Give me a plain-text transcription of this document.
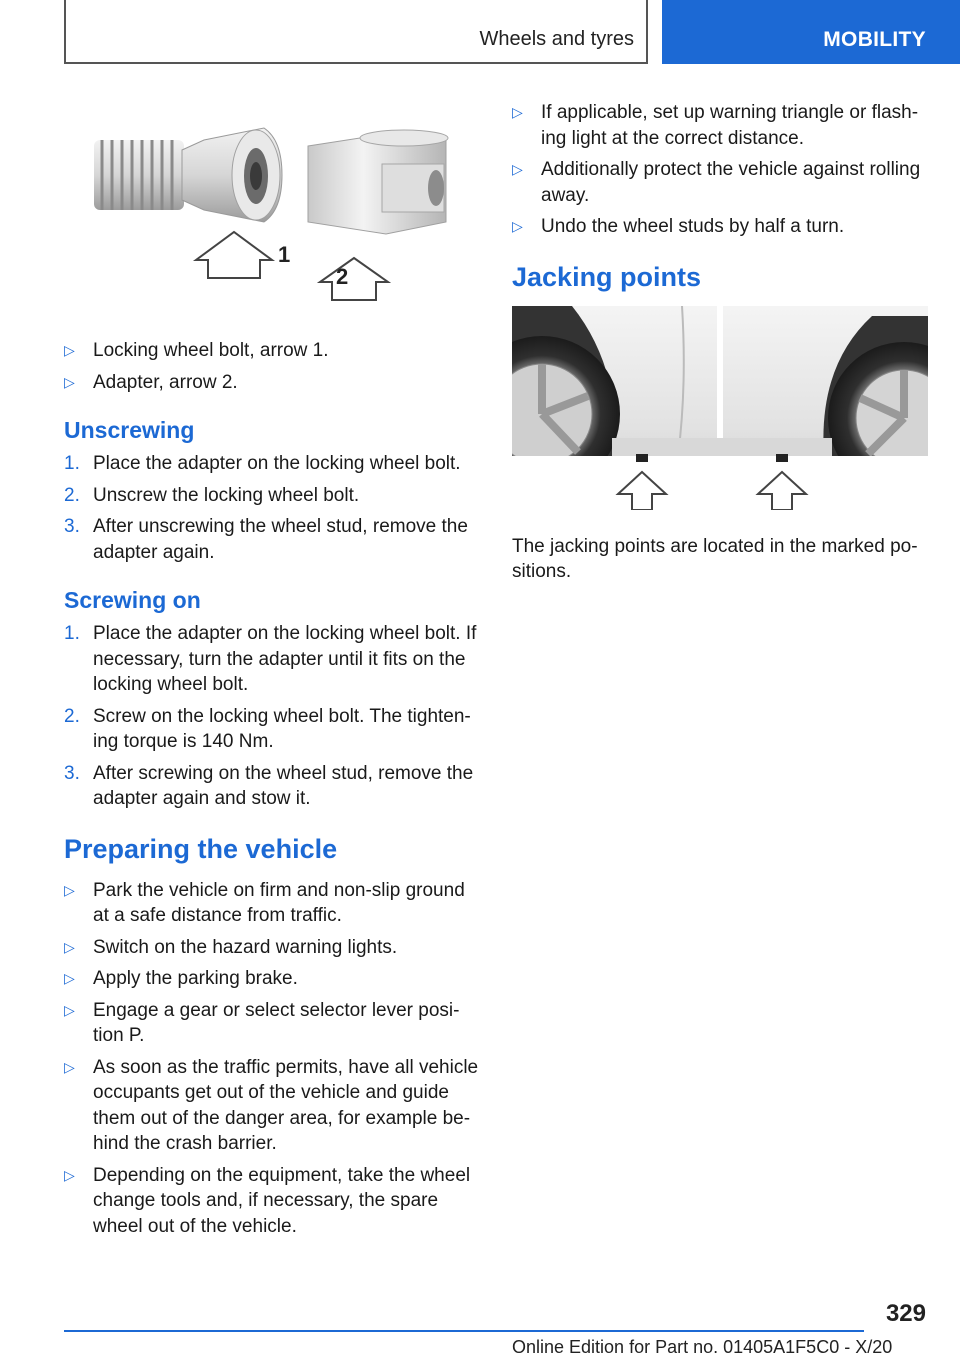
Wheels and tyres	MOBILITY
1
2
▷ Locking wheel bolt, arrow 1.
▷ Adapter, arrow 2.
Unscrewing
1. Place the adapter on the locking wheel bolt.
2. Unscrew the locking wheel bolt.
3. After unscrewing the wheel stud, remove the adapter again.
Screwing on
1. Place the adapter on the locking wheel bolt. If necessary, turn the adapter until it fits on the locking wheel bolt.
2. Screw on the locking wheel bolt. The tighten‐ing torque is 140 Nm.
3. After screwing on the wheel stud, remove the adapter again and stow it.
Preparing the vehicle
▷ Park the vehicle on firm and non-slip ground at a safe distance from traffic.
▷ Switch on the hazard warning lights.
▷ Apply the parking brake.
▷ Engage a gear or select selector lever posi‐tion P.
▷ As soon as the traffic permits, have all vehicle occupants get out of the vehicle and guide them out of the danger area, for example be‐hind the crash barrier.
▷ Depending on the equipment, take the wheel change tools and, if necessary, the spare wheel out of the vehicle.
▷ If applicable, set up warning triangle or flash‐ing light at the correct distance.
▷ Additionally protect the vehicle against rolling away.
▷ Undo the wheel studs by half a turn.
Jacking points

The jacking points are located in the marked po‐sitions.

329
Online Edition for Part no. 01405A1F5C0 - X/20
